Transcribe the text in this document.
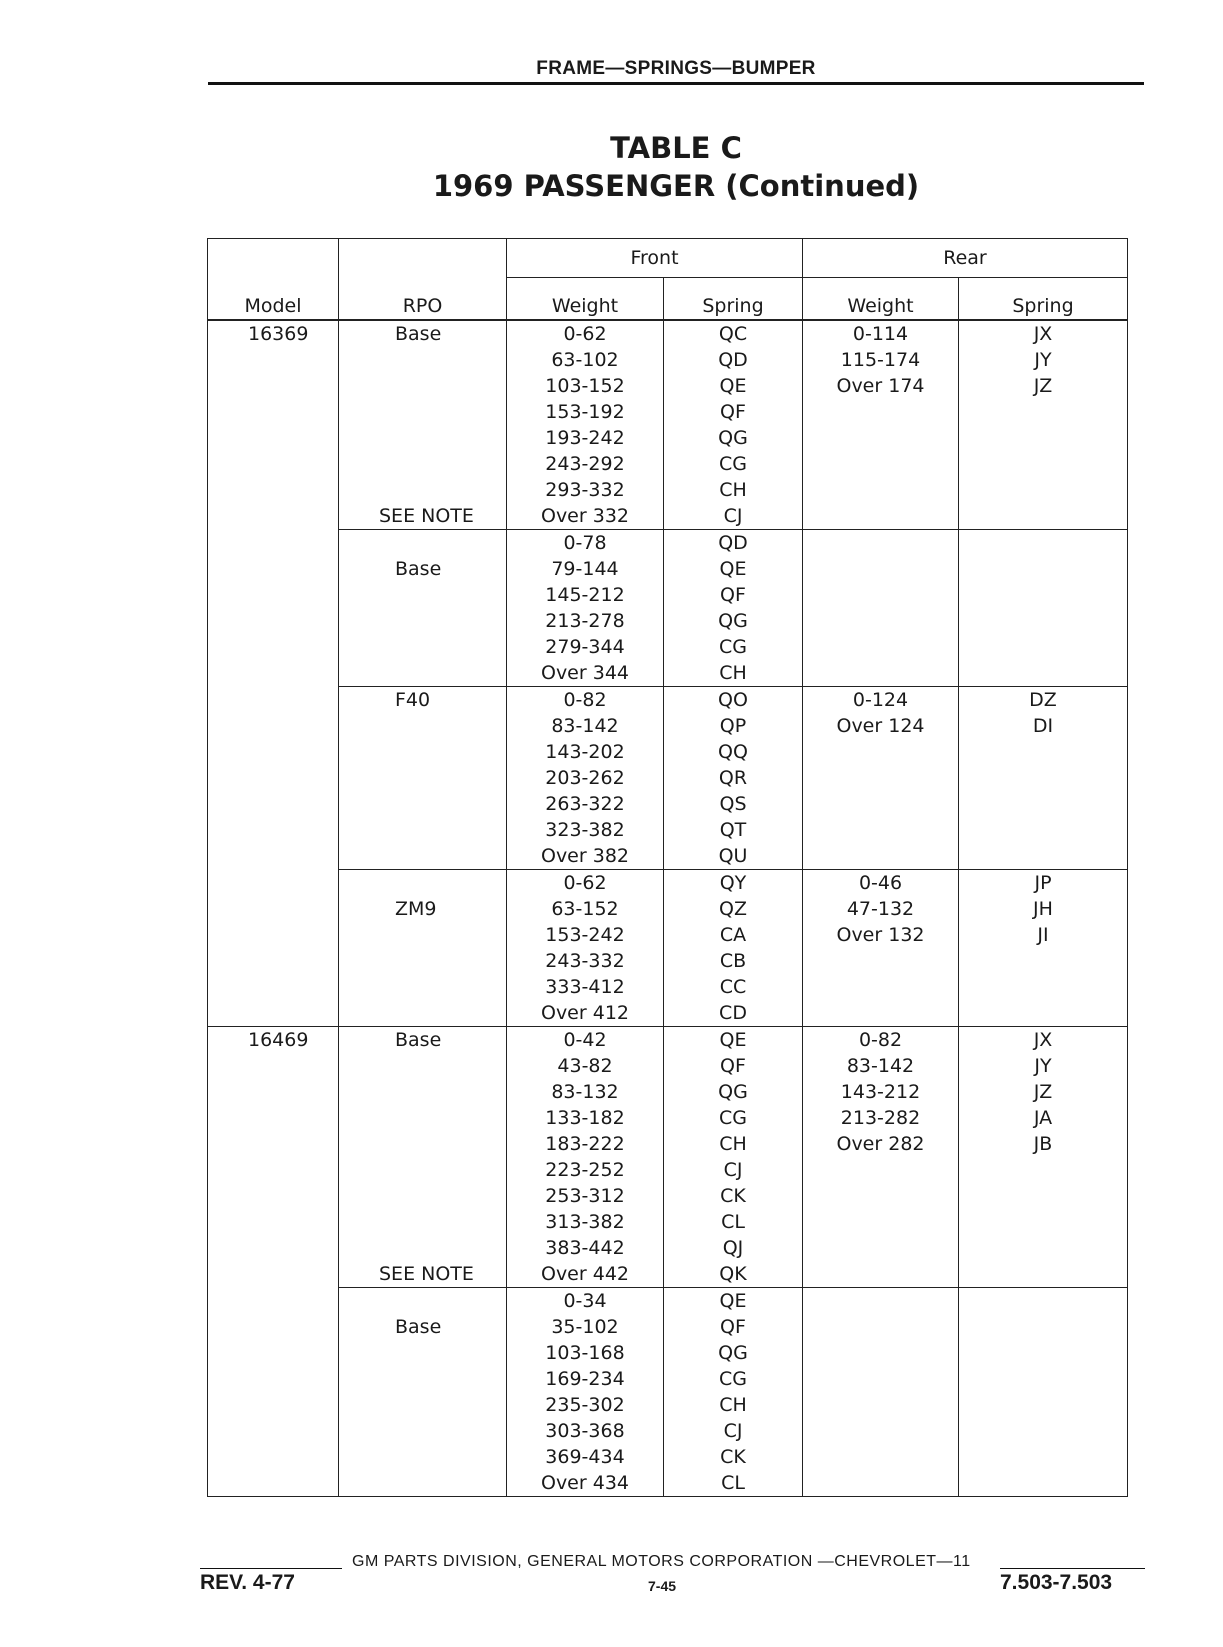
FRAME—SPRINGS—BUMPER
TABLE C
1969 PASSENGER (Continued)
		Front		Rear	
Model	RPO	Weight	Spring	Weight	Spring
16369	Base	0-62	QC	0-114	JX
		63-102	QD	115-174	JY
		103-152	QE	Over 174	JZ
		153-192	QF		
		193-242	QG		
		243-292	CG		
		293-332	CH		
	SEE NOTE	Over 332	CJ		
		0-78	QD		
	Base	79-144	QE		
		145-212	QF		
		213-278	QG		
		279-344	CG		
		Over 344	CH		
	F40	0-82	QO	0-124	DZ
		83-142	QP	Over 124	DI
		143-202	QQ		
		203-262	QR		
		263-322	QS		
		323-382	QT		
		Over 382	QU		
		0-62	QY	0-46	JP
	ZM9	63-152	QZ	47-132	JH
		153-242	CA	Over 132	JI
		243-332	CB		
		333-412	CC		
		Over 412	CD		
16469	Base	0-42	QE	0-82	JX
		43-82	QF	83-142	JY
		83-132	QG	143-212	JZ
		133-182	CG	213-282	JA
		183-222	CH	Over 282	JB
		223-252	CJ		
		253-312	CK		
		313-382	CL		
		383-442	QJ		
	SEE NOTE	Over 442	QK		
		0-34	QE		
	Base	35-102	QF		
		103-168	QG		
		169-234	CG		
		235-302	CH		
		303-368	CJ		
		369-434	CK		
		Over 434	CL		
GM PARTS DIVISION, GENERAL MOTORS CORPORATION —CHEVROLET—11
REV. 4-77	7-45	7.503-7.503
